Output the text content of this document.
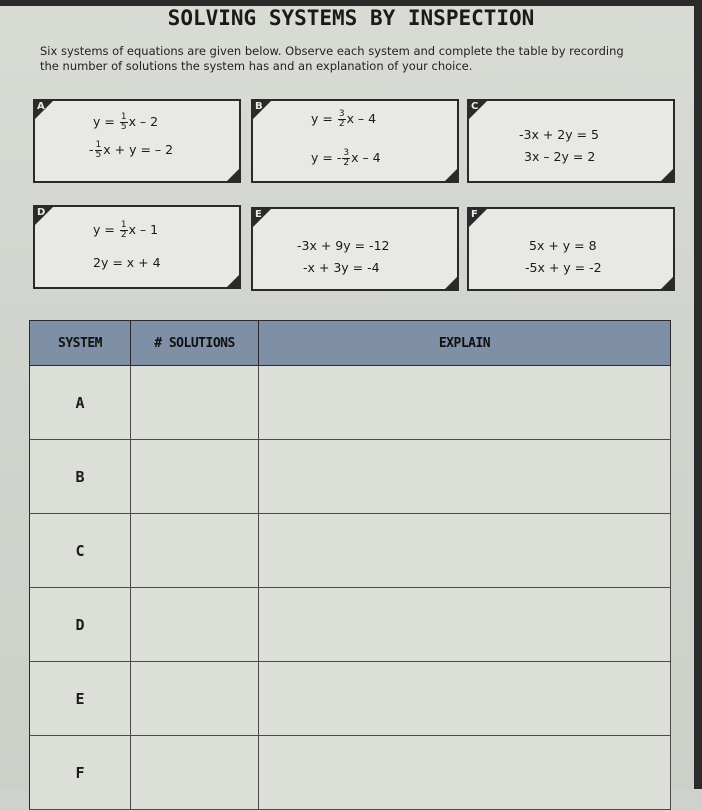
SOLVING SYSTEMS BY INSPECTION
Six systems of equations are given below. Observe each system and complete the table by recording the number of solutions the system has and an explanation of your choice.
A
$y = \frac{1}{5}$ x – 2
- $\frac{1}{5}$ x + y = – 2
B
$y = \frac{3}{2}$ x – 4
y = - $\frac{3}{2}$ x – 4
C
-3x + 2y = 5
3x – 2y = 2
D
$y = \frac{1}{2}$ x – 1
2y = x + 4
E
-3x + 9y = -12
-x + 3y = -4
F
5x + y = 8
-5x + y = -2
SYSTEM	# SOLUTIONS	EXPLAIN
A		
B		
C		
D		
E		
F		
